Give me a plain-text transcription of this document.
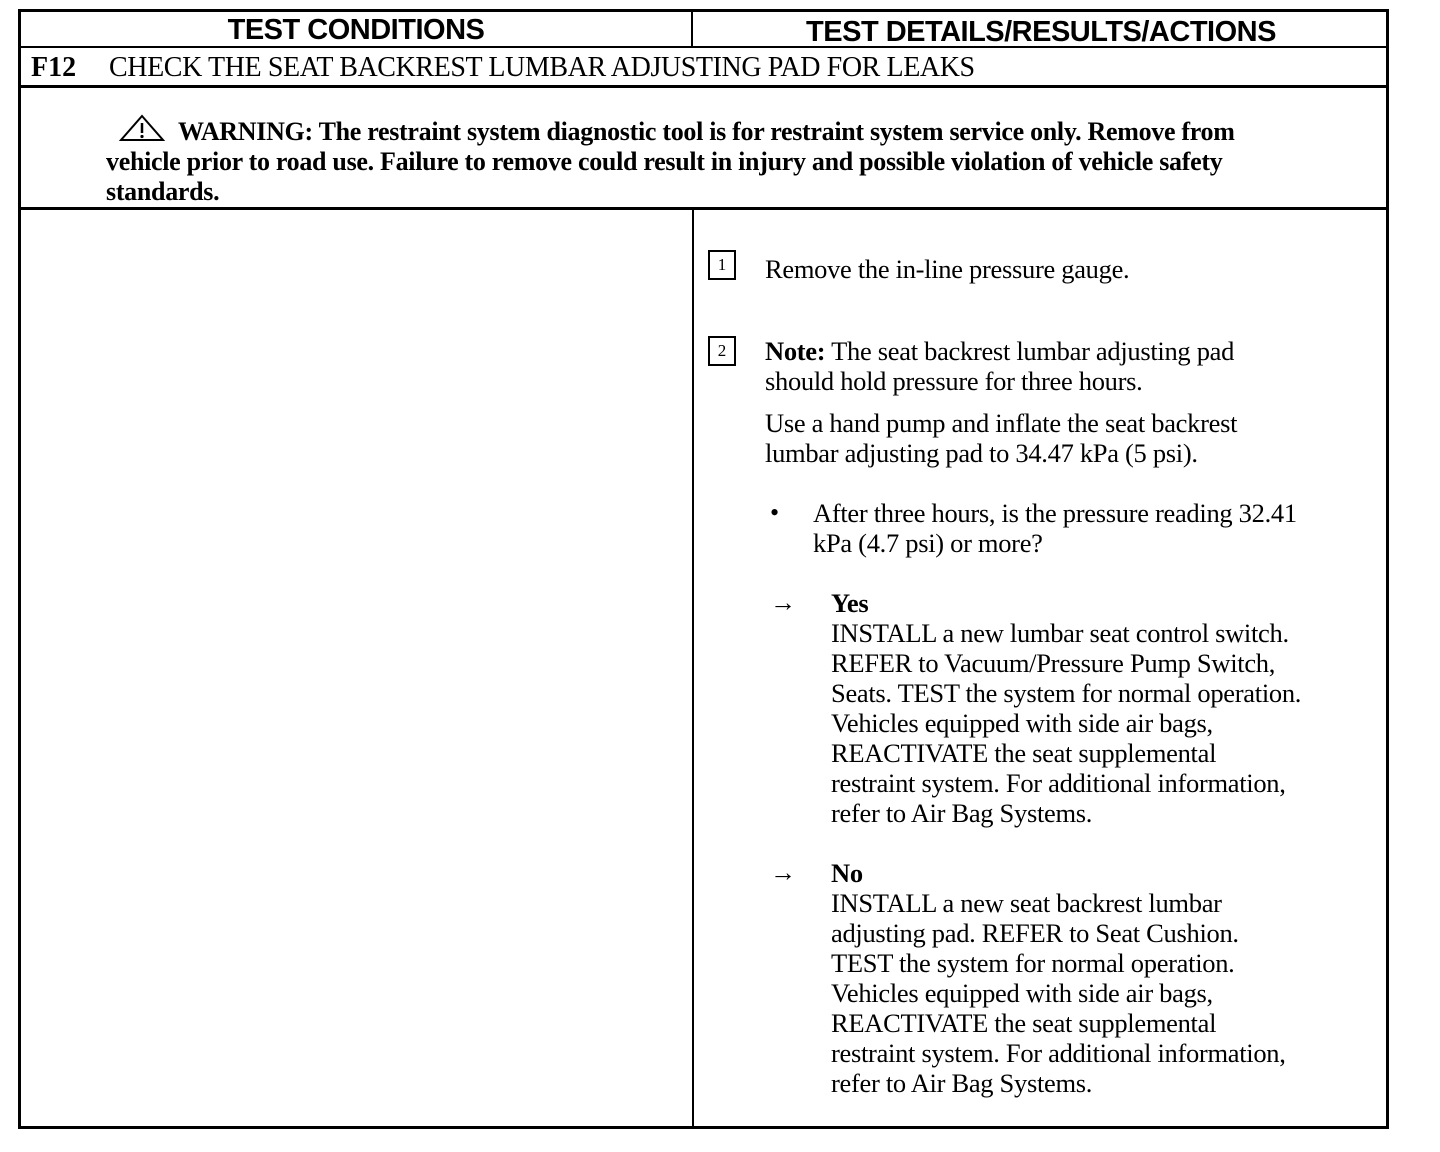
TEST CONDITIONS	TEST DETAILS/RESULTS/ACTIONS
F12 CHECK THE SEAT BACKREST LUMBAR ADJUSTING PAD FOR LEAKS
WARNING: The restraint system diagnostic tool is for restraint system service only. Remove from vehicle prior to road use. Failure to remove could result in injury and possible violation of vehicle safety standards.
1	Remove the in-line pressure gauge.
2	Note: The seat backrest lumbar adjusting pad
should hold pressure for three hours.
Use a hand pump and inflate the seat backrest
lumbar adjusting pad to 34.47 kPa (5 psi).
• After three hours, is the pressure reading 32.41
kPa (4.7 psi) or more?
→ Yes
INSTALL a new lumbar seat control switch.
REFER to Vacuum/Pressure Pump Switch,
Seats. TEST the system for normal operation.
Vehicles equipped with side air bags,
REACTIVATE the seat supplemental
restraint system. For additional information,
refer to Air Bag Systems.
→ No
INSTALL a new seat backrest lumbar
adjusting pad. REFER to Seat Cushion.
TEST the system for normal operation.
Vehicles equipped with side air bags,
REACTIVATE the seat supplemental
restraint system. For additional information,
refer to Air Bag Systems.
